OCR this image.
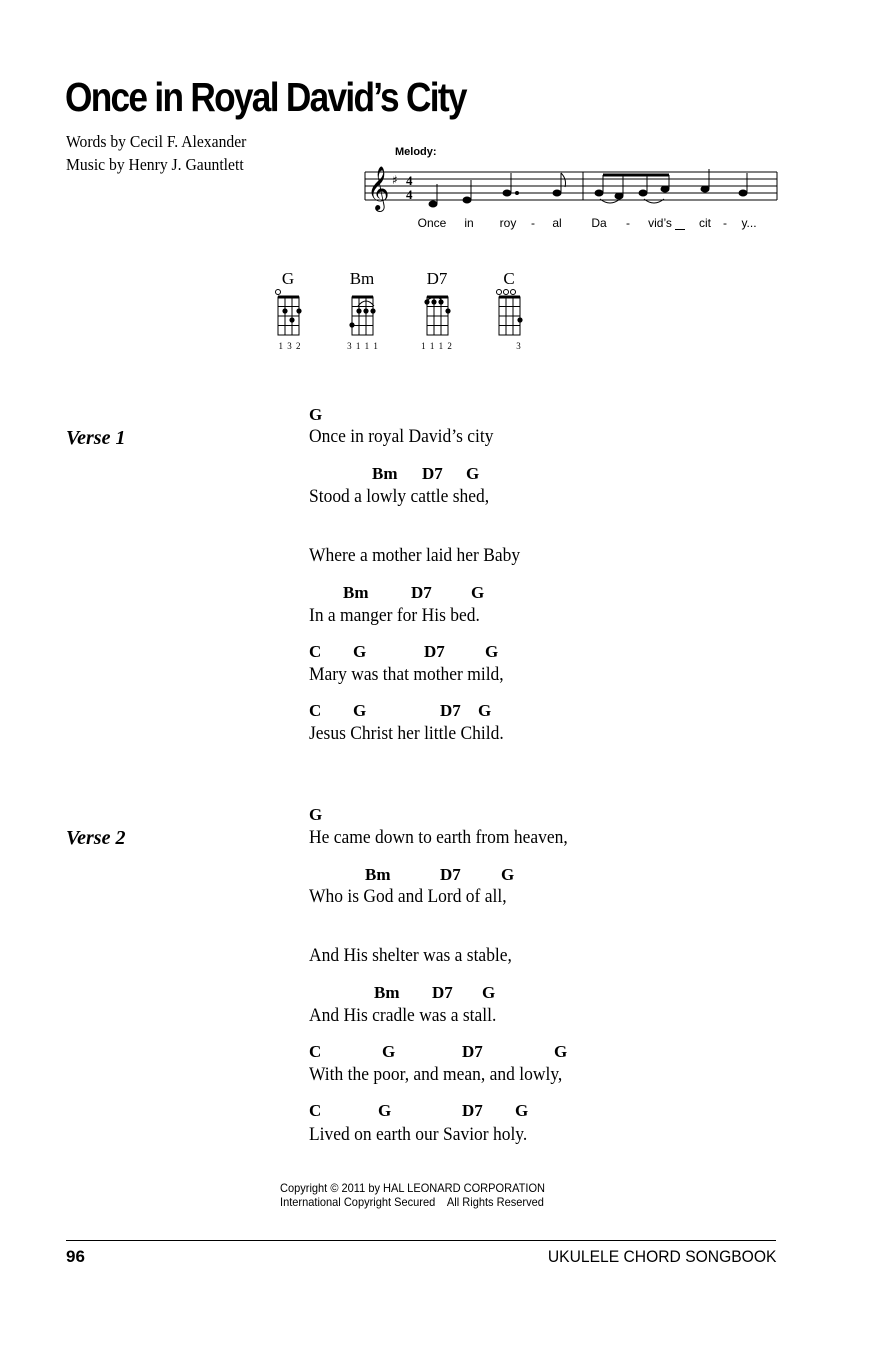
Once in Royal David’s City
Words by Cecil F. Alexander
Music by Henry J. Gauntlett
Melody:
𝄞 ♯ 4
4
Once in roy - al Da - vid’s cit - y...
G	Bm	D7	C
1 3 2	3 1 1 1	1 1 1 2	3
Verse 1
G
Once in royal David’s city
Bm D7 G
Stood a lowly cattle shed,
Where a mother laid her Baby
Bm	D7 G
In a manger for His bed.
C G	D7 G
Mary was that mother mild,
C G	D7 G
Jesus Christ her little Child.
Verse 2
G
He came down to earth from heaven,
Bm	D7 G
Who is God and Lord of all,
And His shelter was a stable,
Bm D7 G
And His cradle was a stall.
C	G	D7	G
With the poor, and mean, and lowly,
C	G	D7 G
Lived on earth our Savior holy.
Copyright © 2011 by HAL LEONARD CORPORATION
International Copyright Secured    All Rights Reserved
96	UKULELE CHORD SONGBOOK
